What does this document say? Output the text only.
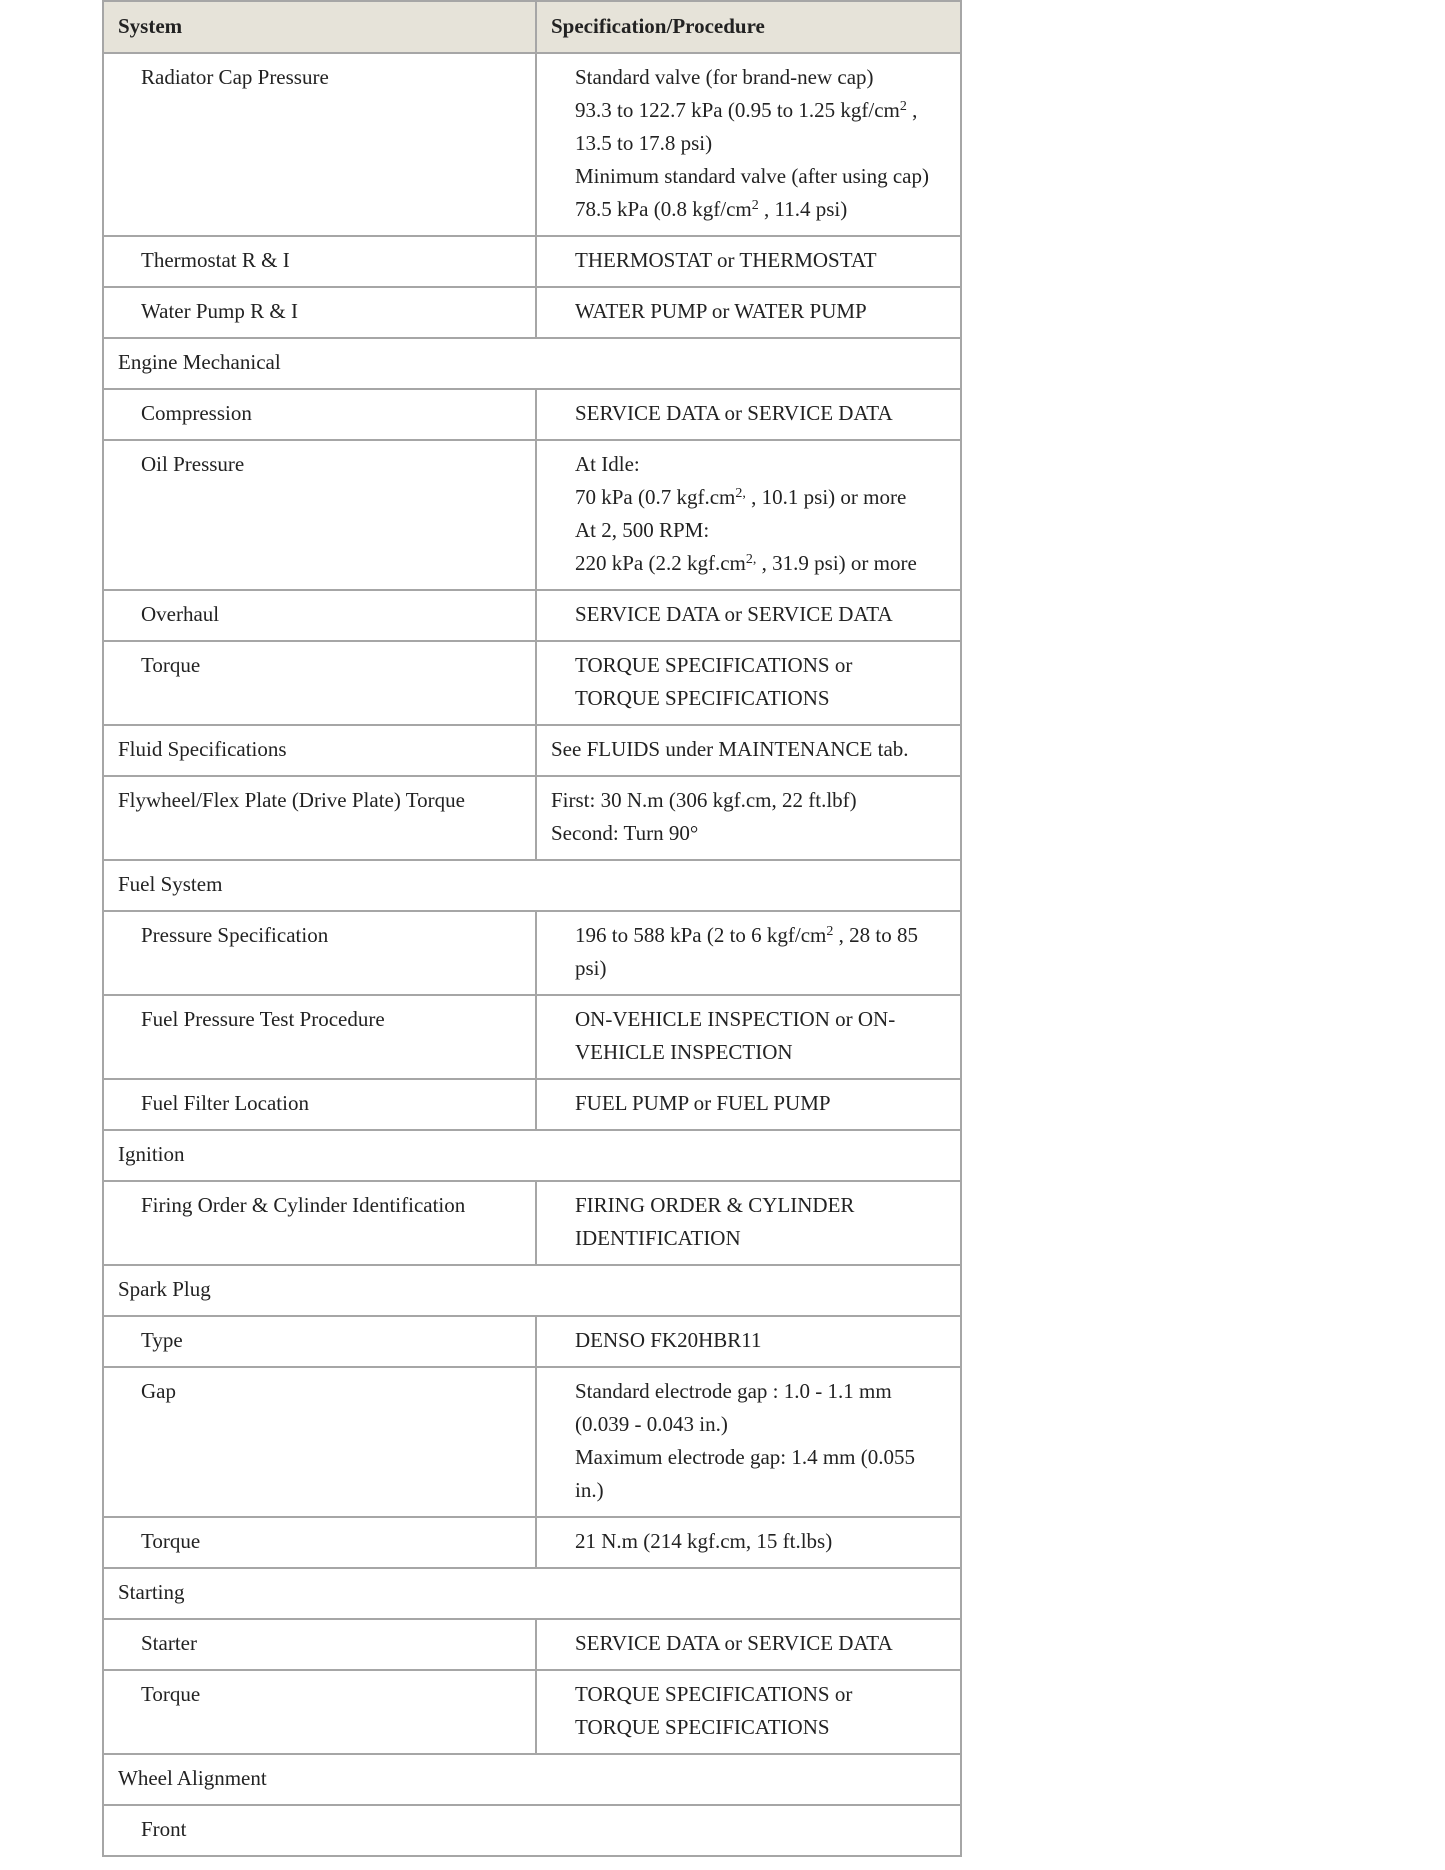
System	Specification/Procedure
Radiator Cap Pressure	Standard valve (for brand-new cap)
93.3 to 122.7 kPa (0.95 to 1.25 kgf/$cm^2$ ,
13.5 to 17.8 psi)
Minimum standard valve (after using cap)
78.5 kPa (0.8 kgf/$cm^2$ , 11.4 psi)

Thermostat R & I	THERMOSTAT or THERMOSTAT

Water Pump R & I	WATER PUMP or WATER PUMP

Engine Mechanical	
Compression	SERVICE DATA or SERVICE DATA

Oil Pressure	At Idle:
70 kPa (0.7 $kgf.cm^{2,}$ , 10.1 psi) or more
At 2, 500 RPM:
220 kPa (2.2 $kgf.cm^{2,}$ , 31.9 psi) or more

Overhaul	SERVICE DATA or SERVICE DATA

Torque	TORQUE SPECIFICATIONS or
TORQUE SPECIFICATIONS

Fluid Specifications	See FLUIDS under MAINTENANCE tab.

Flywheel/Flex Plate (Drive Plate) Torque	First: 30 N.m (306 kgf.cm, 22 ft.lbf)
Second: Turn 90°

Fuel System	
Pressure Specification	196 to 588 kPa (2 to 6 kgf/$cm^2$ , 28 to 85
psi)

Fuel Pressure Test Procedure	ON-VEHICLE INSPECTION or ON-
VEHICLE INSPECTION

Fuel Filter Location	FUEL PUMP or FUEL PUMP

Ignition	
Firing Order & Cylinder Identification	FIRING ORDER & CYLINDER
IDENTIFICATION

Spark Plug	
Type	DENSO FK20HBR11

Gap	Standard electrode gap : 1.0 - 1.1 mm
(0.039 - 0.043 in.)
Maximum electrode gap: 1.4 mm (0.055
in.)

Torque	21 N.m (214 kgf.cm, 15 ft.lbs)

Starting	
Starter	SERVICE DATA or SERVICE DATA

Torque	TORQUE SPECIFICATIONS or
TORQUE SPECIFICATIONS

Wheel Alignment	
Front	
